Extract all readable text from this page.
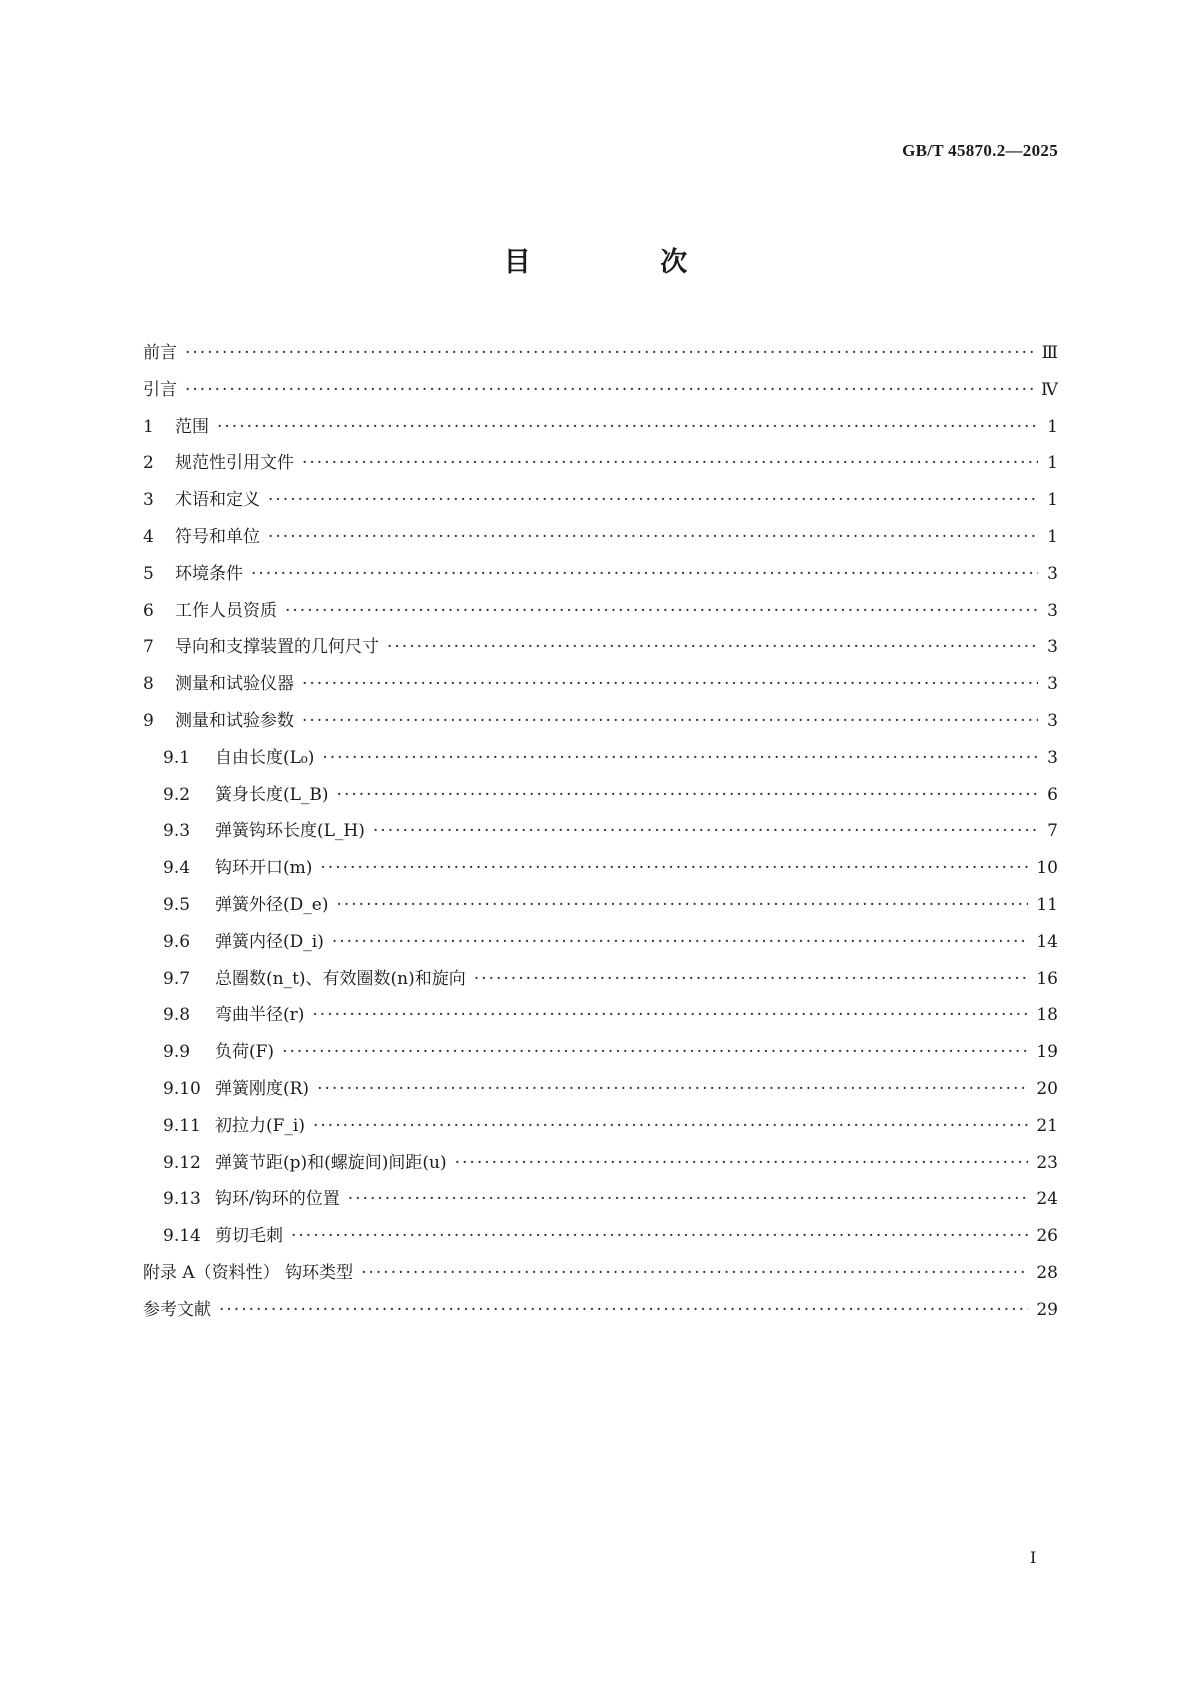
GB/T 45870.2—2025
目 次
前言 ·····	Ⅲ
引言 ·····	Ⅳ
1	范围 ·····	1
2	规范性引用文件 ·····	1
3	术语和定义 ·····	1
4	符号和单位 ·····	1
5	环境条件 ·····	3
6	工作人员资质 ·····	3
7	导向和支撑装置的几何尺寸 ·····	3
8	测量和试验仪器 ·····	3
9	测量和试验参数 ·····	3
9.1	自由长度(L₀) ·····	3
9.2	簧身长度(L_B) ·····	6
9.3	弹簧钩环长度(L_H) ·····	7
9.4	钩环开口(m) ·····	10
9.5	弹簧外径(D_e) ·····	11
9.6	弹簧内径(D_i) ·····	14
9.7	总圈数(n_t)、有效圈数(n)和旋向 ·····	16
9.8	弯曲半径(r) ·····	18
9.9	负荷(F) ·····	19
9.10 弹簧刚度(R) ·····	20
9.11 初拉力(F_i) ·····	21
9.12 弹簧节距(p)和(螺旋间)间距(u) ·····	23
9.13 钩环/钩环的位置 ·····	24
9.14 剪切毛刺 ·····	26
附录 A（资料性） 钩环类型 ·····	28
参考文献 ·····	29
I
